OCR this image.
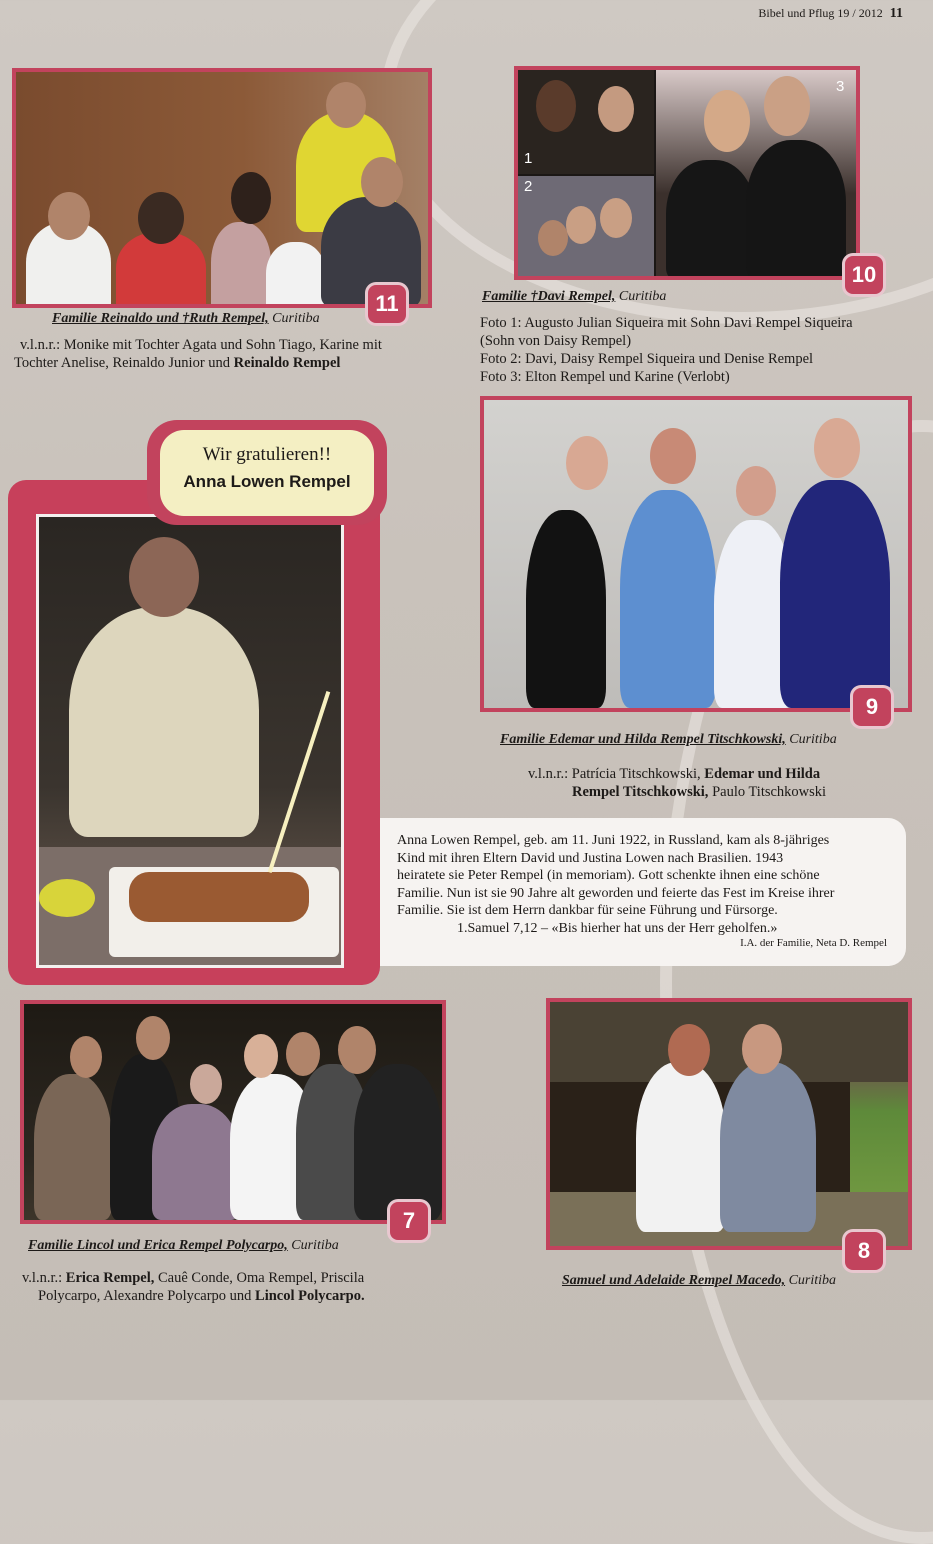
Bibel und Pflug 19 / 2012 11
11
Familie Reinaldo und †Ruth Rempel, Curitiba
v.l.n.r.: Monike mit Tochter Agata und Sohn Tiago, Karine mit
Tochter Anelise, Reinaldo Junior und Reinaldo Rempel
1
2
3
10
Familie †Davi Rempel, Curitiba
Foto 1: Augusto Julian Siqueira mit Sohn Davi Rempel Siqueira
(Sohn von Daisy Rempel)
Foto 2: Davi, Daisy Rempel Siqueira und Denise Rempel
Foto 3: Elton Rempel und Karine (Verlobt)
Wir gratulieren!!
Anna Lowen Rempel
9
Familie Edemar und Hilda Rempel Titschkowski, Curitiba
v.l.n.r.: Patrícia Titschkowski, Edemar und Hilda
Rempel Titschkowski, Paulo Titschkowski
Anna Lowen Rempel, geb. am 11. Juni 1922, in Russland, kam als 8-jähriges
Kind mit ihren Eltern David und Justina Lowen nach Brasilien. 1943
heiratete sie Peter Rempel (in memoriam). Gott schenkte ihnen eine schöne
Familie. Nun ist sie 90 Jahre alt geworden und feierte das Fest im Kreise ihrer
Familie. Sie ist dem Herrn dankbar für seine Führung und Fürsorge.
1.Samuel 7,12 – «Bis hierher hat uns der Herr geholfen.»
I.A. der Familie, Neta D. Rempel
7
Familie Lincol und Erica Rempel Polycarpo, Curitiba
v.l.n.r.: Erica Rempel, Cauê Conde, Oma Rempel, Priscila
Polycarpo, Alexandre Polycarpo und Lincol Polycarpo.
8
Samuel und Adelaide Rempel Macedo, Curitiba
